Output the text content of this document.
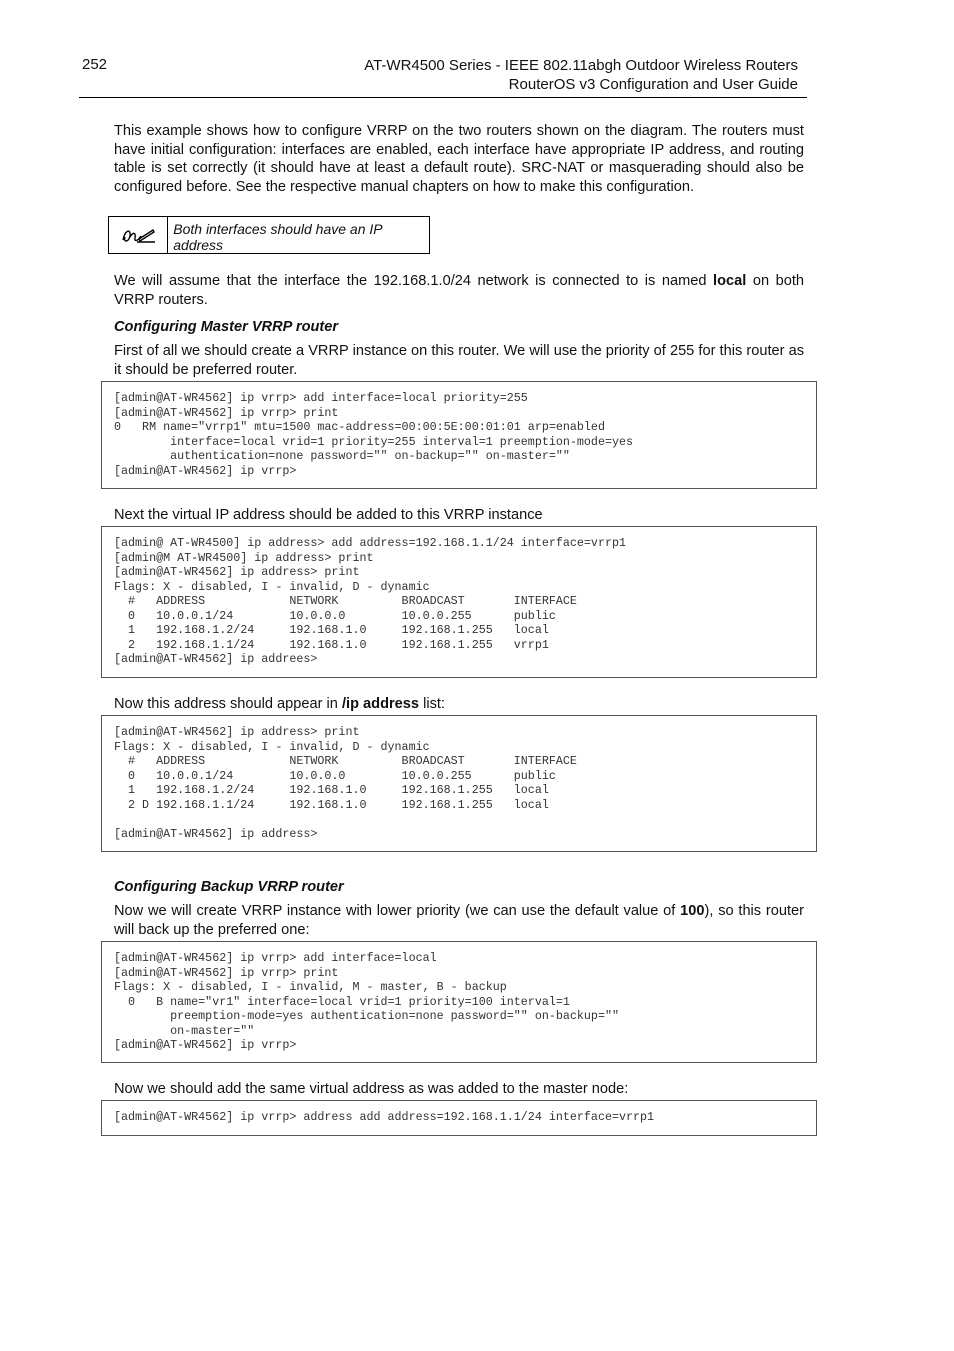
252	AT-WR4500 Series - IEEE 802.11abgh Outdoor Wireless Routers
RouterOS v3 Configuration and User Guide

This example shows how to configure VRRP on the two routers shown on the diagram. The routers must have initial configuration: interfaces are enabled, each interface have appropriate IP address, and routing table is set correctly (it should have at least a default route). SRC-NAT or masquerading should also be configured before. See the respective manual chapters on how to make this configuration.

Both interfaces should have an IP address

We will assume that the interface the 192.168.1.0/24 network is connected to is named local on both VRRP routers.

Configuring Master VRRP router

First of all we should create a VRRP instance on this router. We will use the priority of 255 for this router as it should be preferred router.

[admin@AT-WR4562] ip vrrp> add interface=local priority=255
[admin@AT-WR4562] ip vrrp> print
0   RM name="vrrp1" mtu=1500 mac-address=00:00:5E:00:01:01 arp=enabled
interface=local vrid=1 priority=255 interval=1 preemption-mode=yes
authentication=none password="" on-backup="" on-master=""
[admin@AT-WR4562] ip vrrp>

Next the virtual IP address should be added to this VRRP instance

[admin@ AT-WR4500] ip address> add address=192.168.1.1/24 interface=vrrp1
[admin@M AT-WR4500] ip address> print
[admin@AT-WR4562] ip address> print
Flags: X - disabled, I - invalid, D - dynamic
#   ADDRESS            NETWORK         BROADCAST       INTERFACE
0   10.0.0.1/24        10.0.0.0        10.0.0.255      public
1   192.168.1.2/24     192.168.1.0     192.168.1.255   local
2   192.168.1.1/24     192.168.1.0     192.168.1.255   vrrp1
[admin@AT-WR4562] ip addrees>

Now this address should appear in /ip address list:

[admin@AT-WR4562] ip address> print
Flags: X - disabled, I - invalid, D - dynamic
#   ADDRESS            NETWORK         BROADCAST       INTERFACE
0   10.0.0.1/24        10.0.0.0        10.0.0.255      public
1   192.168.1.2/24     192.168.1.0     192.168.1.255   local
2 D 192.168.1.1/24     192.168.1.0     192.168.1.255   local

[admin@AT-WR4562] ip address>

Configuring Backup VRRP router

Now we will create VRRP instance with lower priority (we can use the default value of 100), so this router will back up the preferred one:

[admin@AT-WR4562] ip vrrp> add interface=local
[admin@AT-WR4562] ip vrrp> print
Flags: X - disabled, I - invalid, M - master, B - backup
0   B name="vr1" interface=local vrid=1 priority=100 interval=1
preemption-mode=yes authentication=none password="" on-backup=""
on-master=""
[admin@AT-WR4562] ip vrrp>

Now we should add the same virtual address as was added to the master node:

[admin@AT-WR4562] ip vrrp> address add address=192.168.1.1/24 interface=vrrp1
